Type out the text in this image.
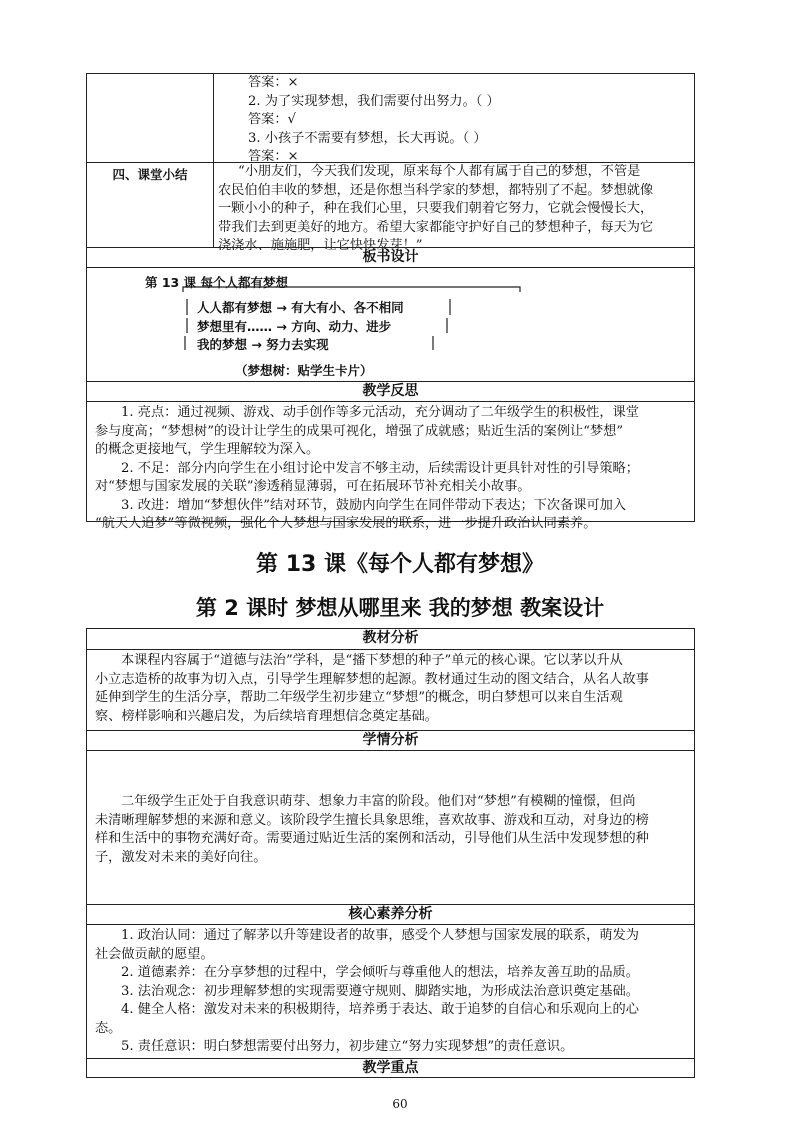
答案：×
2. 为了实现梦想，我们需要付出努力。（ ）
答案：√
3. 小孩子不需要有梦想，长大再说。（ ）
答案：×
四、课堂小结	“小朋友们，今天我们发现，原来每个人都有属于自己的梦想，不管是
农民伯伯丰收的梦想，还是你想当科学家的梦想，都特别了不起。梦想就像
一颗小小的种子，种在我们心里，只要我们朝着它努力，它就会慢慢长大，
带我们去到更美好的地方。希望大家都能守护好自己的梦想种子，每天为它
浇浇水、施施肥，让它快快发芽！”
板书设计
第 13 课 每个人都有梦想
人人都有梦想 → 有大有小、各不相同
梦想里有…… → 方向、动力、进步
我的梦想 → 努力去实现
（梦想树：贴学生卡片）
教学反思
1. 亮点：通过视频、游戏、动手创作等多元活动，充分调动了二年级学生的积极性，课堂
参与度高；“梦想树”的设计让学生的成果可视化，增强了成就感；贴近生活的案例让“梦想”
的概念更接地气，学生理解较为深入。
2. 不足：部分内向学生在小组讨论中发言不够主动，后续需设计更具针对性的引导策略；
对“梦想与国家发展的关联”渗透稍显薄弱，可在拓展环节补充相关小故事。
3. 改进：增加“梦想伙伴”结对环节，鼓励内向学生在同伴带动下表达；下次备课可加入
“航天人追梦”等微视频，强化个人梦想与国家发展的联系，进一步提升政治认同素养。
第 13 课《每个人都有梦想》
第 2 课时 梦想从哪里来 我的梦想 教案设计
教材分析
本课程内容属于“道德与法治”学科，是“播下梦想的种子”单元的核心课。它以茅以升从
小立志造桥的故事为切入点，引导学生理解梦想的起源。教材通过生动的图文结合，从名人故事
延伸到学生的生活分享，帮助二年级学生初步建立“梦想”的概念，明白梦想可以来自生活观
察、榜样影响和兴趣启发，为后续培育理想信念奠定基础。
学情分析
二年级学生正处于自我意识萌芽、想象力丰富的阶段。他们对“梦想”有模糊的憧憬，但尚
未清晰理解梦想的来源和意义。该阶段学生擅长具象思维，喜欢故事、游戏和互动，对身边的榜
样和生活中的事物充满好奇。需要通过贴近生活的案例和活动，引导他们从生活中发现梦想的种
子，激发对未来的美好向往。
核心素养分析
1. 政治认同：通过了解茅以升等建设者的故事，感受个人梦想与国家发展的联系，萌发为
社会做贡献的愿望。
2. 道德素养：在分享梦想的过程中，学会倾听与尊重他人的想法，培养友善互助的品质。
3. 法治观念：初步理解梦想的实现需要遵守规则、脚踏实地，为形成法治意识奠定基础。
4. 健全人格：激发对未来的积极期待，培养勇于表达、敢于追梦的自信心和乐观向上的心
态。
5. 责任意识：明白梦想需要付出努力，初步建立“努力实现梦想”的责任意识。
教学重点
60
